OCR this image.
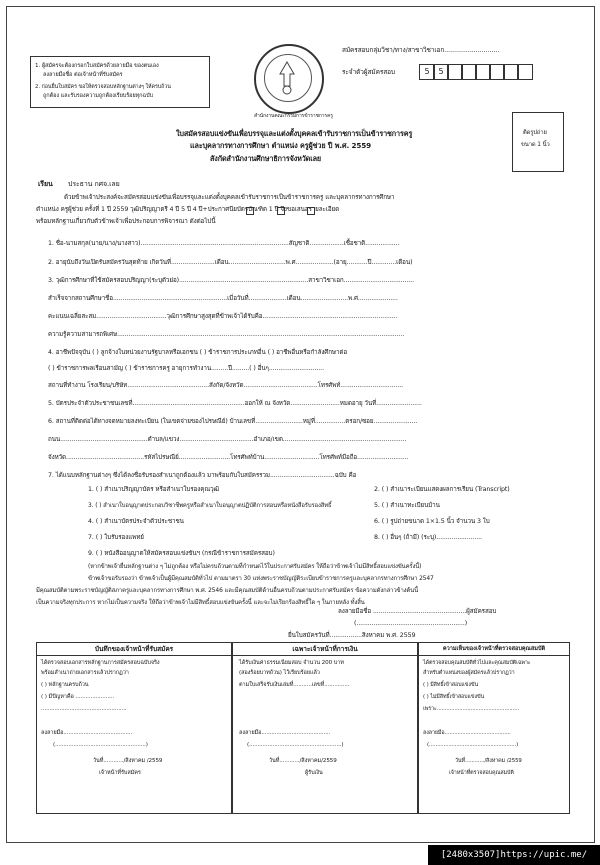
1. ผู้สมัครจะต้องกรอกใบสมัครด้วยลายมือ ของตนเอง
ลงลายมือชื่อ ต่อเจ้าหน้าที่รับสมัคร
2. ก่อนยื่นใบสมัคร ขอให้ตรวจสอบหลักฐานต่างๆ ให้ครบถ้วน
ถูกต้อง และรับรองความถูกต้องเรียบร้อยทุกฉบับ
สำนักงานคณะกรรมการข้าราชการครู
สมัครสอบกลุ่มวิชา/ทาง/สาขาวิชาเอก............................
ระจำตัวผู้สมัครสอบ	5	5
ติดรูปถ่าย
ขนาด 1 นิ้ว
ใบสมัครสอบแข่งขันเพื่อบรรจุและแต่งตั้งบุคคลเข้ารับราชการเป็นข้าราชการครู
และบุคลากรทางการศึกษา ตำแหน่ง ครูผู้ช่วย ปี พ.ศ. 2559
สังกัดสำนักงานศึกษาธิการจังหวัดเลย
เรียน ประธาน กศจ.เลย
ด้วยข้าพเจ้าประสงค์จะสมัครสอบแข่งขันเพื่อบรรจุและแต่งตั้งบุคคลเข้ารับราชการเป็นข้าราชการครู และบุคลากรทางการศึกษา
ตำแหน่ง ครูผู้ช่วย ครั้งที่ 1 ปี 2559 วุฒิปริญญาตรี 4 ปี 5 ปี 4 ปี+ประกาศนียบัตรบัณฑิต 1 ปี จึงขอเสนอรายละเอียด
พร้อมหลักฐานเกี่ยวกับตัวข้าพเจ้าเพื่อประกอบการพิจารณา ดังต่อไปนี้
1. ชื่อ-นามสกุล(นาย/นาง/นางสาว)..............................................................................สัญชาติ..................เชื้อชาติ..................
2. อายุนับถึงวันเปิดรับสมัครวันสุดท้าย เกิดวันที่.......................เดือน..............................พ.ศ....................(อายุ...........ปี.............เดือน)
3. วุฒิการศึกษาที่ใช้สมัครสอบปริญญา(ระบุตัวย่อ)....................................................................สาขาวิชาเอก.....................................
สำเร็จจากสถานศึกษาชื่อ............................................................เมื่อวันที่....................เดือน.........................พ.ศ.....................
คะแนนเฉลี่ยสะสม.....................................วุฒิการศึกษาสูงสุดที่ข้าพเจ้าได้รับคือ.......................................................................
ความรู้ความสามารถพิเศษ.......................................................................................................................................................
4. อาชีพปัจจุบัน ( ) ลูกจ้างในหน่วยงานรัฐบาลหรือเอกชน ( ) ข้าราชการประเภทอื่น ( ) อาชีพอื่นหรือกำลังศึกษาต่อ
( ) ข้าราชการพลเรือนสามัญ ( ) ข้าราชการครู อายุการทำงาน.........ปี.........( ) อื่นๆ.............................
สถานที่ทำงาน โรงเรียน/บริษัท...........................................สังกัด/จังหวัด.......................................โทรศัพท์.................................
5. บัตรประจำตัวประชาชนเลขที่...........................................................ออกให้ ณ จังหวัด..........................หมดอายุ วันที่........................
6. สถานที่ติดต่อได้ทางจดหมายลงทะเบียน (ในเขตจ่ายของไปรษณีย์) บ้านเลขที่.........................หมู่ที่................ตรอก/ซอย.......................
ถนน..............................................ตำบล/แขวง.......................................อำเภอ/เขต.................................................................
จังหวัด.........................................รหัสไปรษณีย์...........................โทรศัพท์บ้าน.............................โทรศัพท์มือถือ...........................
7. ได้แนบหลักฐานต่างๆ ซึ่งได้ลงชื่อรับรองสำเนาถูกต้องแล้ว มาพร้อมกับใบสมัครรวม..................................ฉบับ คือ
1. ( ) สำเนาปริญญาบัตร หรือสำเนาใบรองคุณวุฒิ
3. ( ) สำเนาใบอนุญาตประกอบวิชาชีพครูหรือสำเนาใบอนุญาตปฏิบัติการสอนหรือหนังสือรับรองสิทธิ์
4. ( ) สำเนาบัตรประจำตัวประชาชน
7. ( ) ใบรับรองแพทย์
9. ( ) หนังสืออนุญาตให้สมัครสอบแข่งขันฯ (กรณีข้าราชการสมัครสอบ)
2. ( ) สำเนาระเบียนแสดงผลการเรียน (Transcript)
5. ( ) สำเนาทะเบียนบ้าน
6. ( ) รูปถ่ายขนาด 1×1.5 นิ้ว จำนวน 3 ใบ
8. ( ) อื่นๆ (ถ้ามี) (ระบุ)........................
(หากข้าพเจ้ายื่นหลักฐานต่าง ๆ ไม่ถูกต้อง หรือไม่ครบถ้วนตามที่กำหนดไว้ในประกาศรับสมัคร ให้ถือว่าข้าพเจ้าไม่มีสิทธิ์สอบแข่งขันครั้งนี้)
ข้าพเจ้าขอรับรองว่า ข้าพเจ้าเป็นผู้มีคุณสมบัติทั่วไป ตามมาตรา 30 แห่งพระราชบัญญัติระเบียบข้าราชการครูและบุคลากรทางการศึกษา 2547
มีคุณสมบัติตามพระราชบัญญัติสภาครูและบุคลากรทางการศึกษา พ.ศ. 2546 และมีคุณสมบัติด้านอื่นครบถ้วนตามประกาศรับสมัคร ข้อความดังกล่าวข้างต้นนี้
เป็นความจริงทุกประการ หากไม่เป็นความจริง ให้ถือว่าข้าพเจ้าไม่มีสิทธิ์สอบแข่งขันครั้งนี้ และจะไม่เรียกร้องสิทธิ์ใด ๆ ในภายหลัง ทั้งสิ้น
ลงลายมือชื่อ .................................................ผู้สมัครสอบ
(.........................................................)
ยื่นใบสมัครวันที่.................สิงหาคม พ.ศ. 2559
บันทึกของเจ้าหน้าที่รับสมัคร
ได้ตรวจสอบเอกสารหลักฐานการสมัครสอบฉบับจริง
พร้อมสำเนาถ่ายเอกสารแล้วปรากฏว่า
( ) หลักฐานครบถ้วน
( ) มีปัญหาคือ .......................
...................................................
ลงลายมือ.........................................
(......................................................)
วันที่............/สิงหาคม /2559
เจ้าหน้าที่รับสมัคร
เฉพาะเจ้าหน้าที่การเงิน
ได้รับเงินค่าธรรมเนียมสอบ จำนวน 200 บาท
(สองร้อยบาทถ้วน) ไว้เรียบร้อยแล้ว
ตามใบเสร็จรับเงินเล่มที่...........เลขที่...............
ลงลายมือ.........................................
(.......................................................)
วันที่............/สิงหาคม/2559
ผู้รับเงิน
ความเห็นของเจ้าหน้าที่ตรวจสอบคุณสมบัติ
ได้ตรวจสอบคุณสมบัติทั่วไปและคุณสมบัติเฉพาะ
สำหรับตำแหน่งของผู้สมัครแล้วปรากฏว่า
( ) มีสิทธิ์เข้าสอบแข่งขัน
( ) ไม่มีสิทธิ์เข้าสอบแข่งขัน
เพราะ...................................................
ลงลายมือ.........................................
(......................................................)
วันที่............/สิงหาคม /2559
เจ้าหน้าที่ตรวจสอบคุณสมบัติ
[2480x3507]https://upic.me/
